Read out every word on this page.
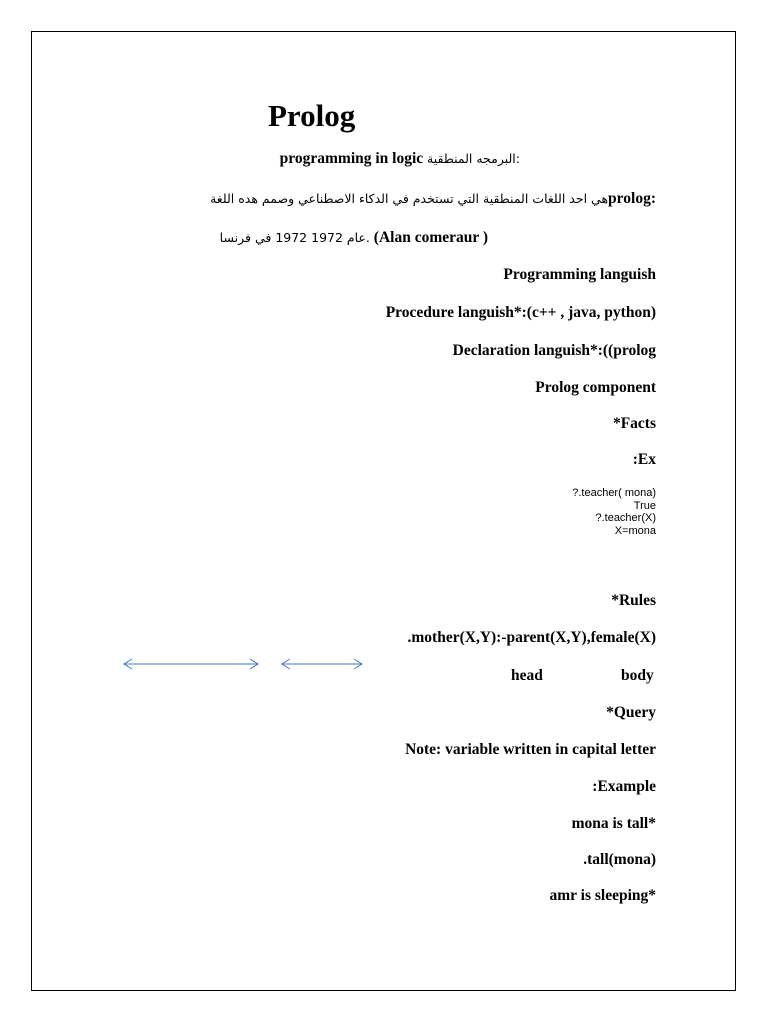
Prolog
programming in logic البرمجه المنطقية:
هي احد اللغات المنطقية التي تستخدم في الدكاء الاصطناعي وصمم هده اللغةprolog:
عام 1972 1972 في فرنسا. (Alan comeraur )
Programming languish
Procedure languish*:(c++ , java, python)
Declaration languish*:((prolog
Prolog component
*Facts
:Ex
?.teacher( mona)
True
?.teacher(X)
X=mona
*Rules
.mother(X,Y):-parent(X,Y),female(X)
head	body
*Query
Note: variable written in capital letter
:Example
mona is tall*
.tall(mona)
amr is sleeping*
